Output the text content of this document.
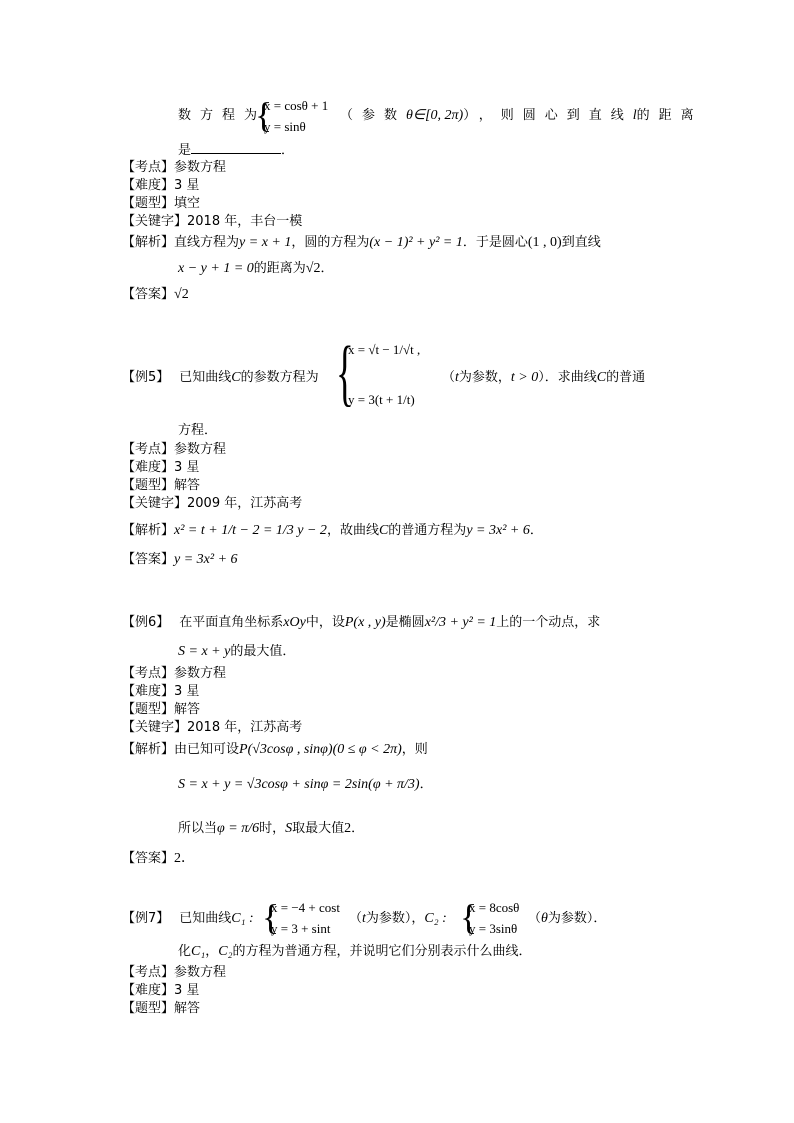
数方程为
{
x = cosθ + 1
y = sinθ
（参数θ∈[0, 2π)），则圆心到直线l的距离
是	．
【考点】参数方程
【难度】3 星
【题型】填空
【关键字】2018 年，丰台一模
【解析】直线方程为y = x + 1，圆的方程为(x − 1)² + y² = 1．于是圆心(1 , 0)到直线
x − y + 1 = 0的距离为√2．
【答案】√2
【例5】 已知曲线C的参数方程为 {
x = √t − 1/√t ,
y = 3(t + 1/t)
（t为参数，t > 0）．求曲线C的普通
方程．
【考点】参数方程
【难度】3 星
【题型】解答
【关键字】2009 年，江苏高考
【解析】x² = t + 1/t − 2 = 1/3 y − 2，故曲线C的普通方程为y = 3x² + 6．
【答案】y = 3x² + 6
【例6】 在平面直角坐标系xOy中，设P(x , y)是椭圆x²/3 + y² = 1上的一个动点，求
S = x + y的最大值．
【考点】参数方程
【难度】3 星
【题型】解答
【关键字】2018 年，江苏高考
【解析】由已知可设P(√3cosφ , sinφ)(0 ≤ φ < 2π)，则
S = x + y = √3cosφ + sinφ = 2sin(φ + π/3)．
所以当φ = π/6时，S取最大值2．
【答案】2．
【例7】 已知曲线C₁ : {
x = −4 + cost
y = 3 + sint
（t为参数），C₂ : {
x = 8cosθ
y = 3sinθ
（θ为参数）．
化C₁，C₂的方程为普通方程，并说明它们分别表示什么曲线．
【考点】参数方程
【难度】3 星
【题型】解答
